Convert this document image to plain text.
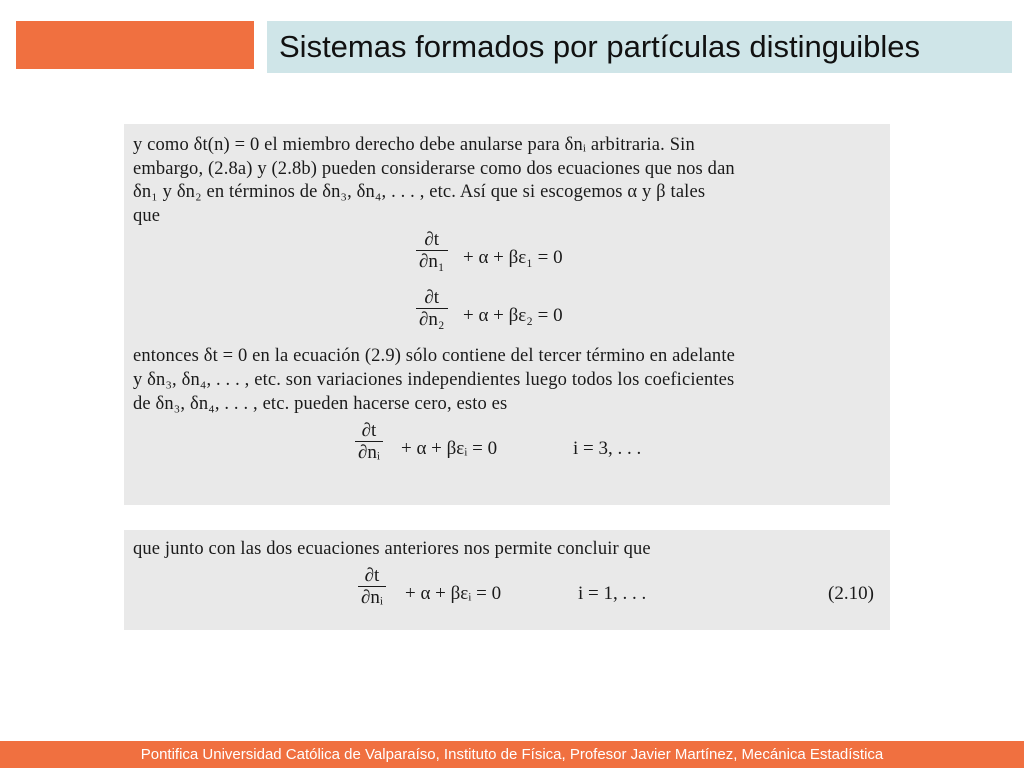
Sistemas formados por partículas distinguibles
y como δt(n) = 0 el miembro derecho debe anularse para δnᵢ arbitraria. Sin
embargo, (2.8a) y (2.8b) pueden considerarse como dos ecuaciones que nos dan
δn₁ y δn₂ en términos de δn₃, δn₄, . . . , etc. Así que si escogemos α y β tales
que
∂t
∂n₁ + α + βε₁ = 0
∂t
∂n₂ + α + βε₂ = 0
entonces δt = 0 en la ecuación (2.9) sólo contiene del tercer término en adelante
y δn₃, δn₄, . . . , etc. son variaciones independientes luego todos los coeficientes
de δn₃, δn₄, . . . , etc. pueden hacerse cero, esto es
∂t
∂nᵢ + α + βεᵢ = 0	i = 3, . . .
que junto con las dos ecuaciones anteriores nos permite concluir que
∂t
∂nᵢ + α + βεᵢ = 0	i = 1, . . .	(2.10)
Pontifica Universidad Católica de Valparaíso, Instituto de Física, Profesor Javier Martínez, Mecánica Estadística
